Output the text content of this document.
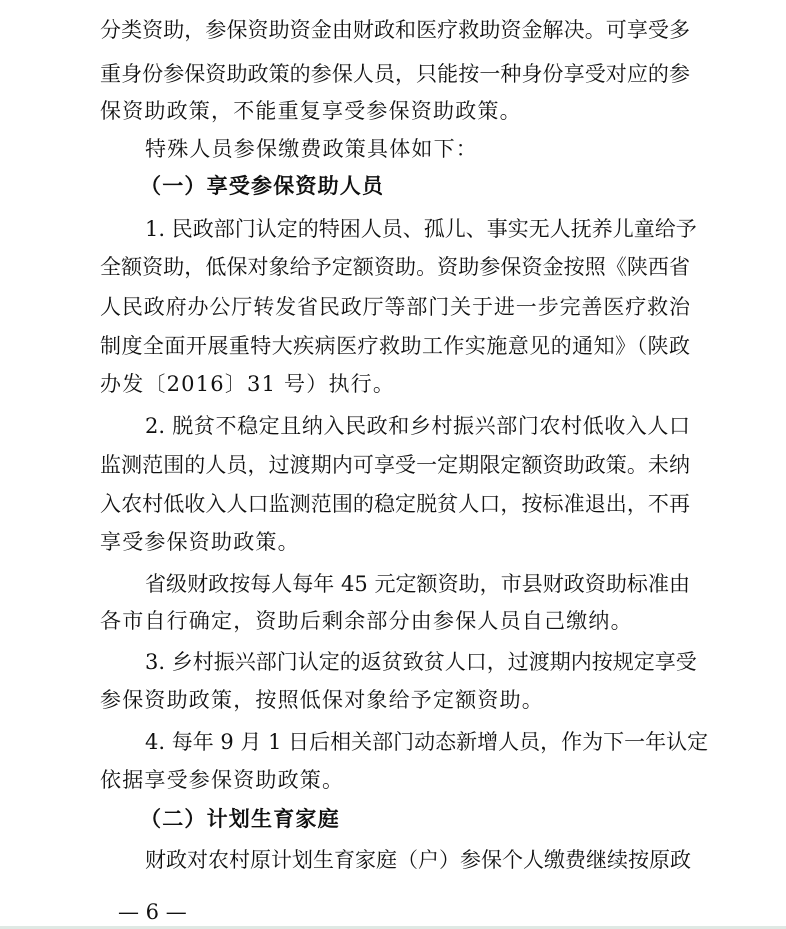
分类资助，参保资助资金由财政和医疗救助资金解决。可享受多
重身份参保资助政策的参保人员，只能按一种身份享受对应的参
保资助政策，不能重复享受参保资助政策。
特殊人员参保缴费政策具体如下：
（一）享受参保资助人员
1. 民政部门认定的特困人员、孤儿、事实无人抚养儿童给予
全额资助，低保对象给予定额资助。资助参保资金按照《陕西省
人民政府办公厅转发省民政厅等部门关于进一步完善医疗救治
制度全面开展重特大疾病医疗救助工作实施意见的通知》（陕政
办发〔2016〕31 号）执行。
2. 脱贫不稳定且纳入民政和乡村振兴部门农村低收入人口
监测范围的人员，过渡期内可享受一定期限定额资助政策。未纳
入农村低收入人口监测范围的稳定脱贫人口，按标准退出，不再
享受参保资助政策。
省级财政按每人每年 45 元定额资助，市县财政资助标准由
各市自行确定，资助后剩余部分由参保人员自己缴纳。
3. 乡村振兴部门认定的返贫致贫人口，过渡期内按规定享受
参保资助政策，按照低保对象给予定额资助。
4. 每年 9 月 1 日后相关部门动态新增人员，作为下一年认定
依据享受参保资助政策。
（二）计划生育家庭
财政对农村原计划生育家庭（户）参保个人缴费继续按原政
— 6 —
